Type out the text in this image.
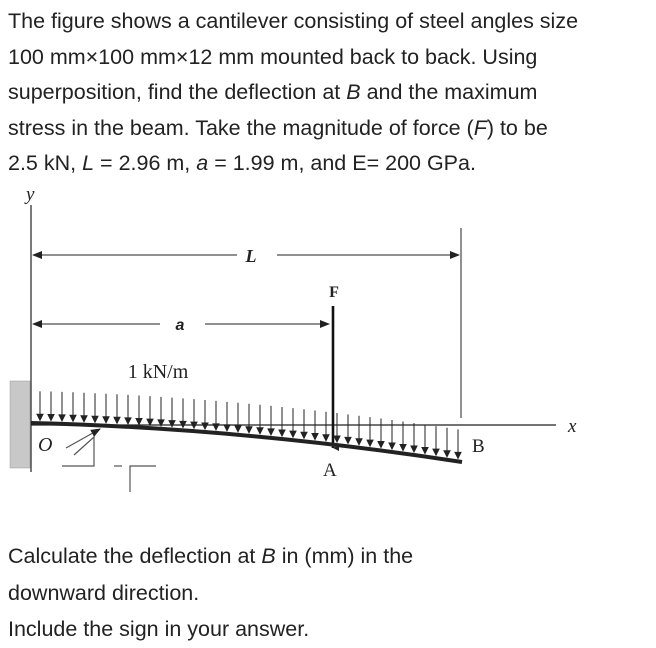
The figure shows a cantilever consisting of steel angles size
100 mm×100 mm×12 mm mounted back to back. Using
superposition, find the deflection at B and the maximum
stress in the beam. Take the magnitude of force (F) to be
2.5 kN, L = 2.96 m, a = 1.99 m, and E= 200 GPa.
y
x
L
a
F
1 kN/m
O
A
B
Calculate the deflection at B in (mm) in the
downward direction.
Include the sign in your answer.
